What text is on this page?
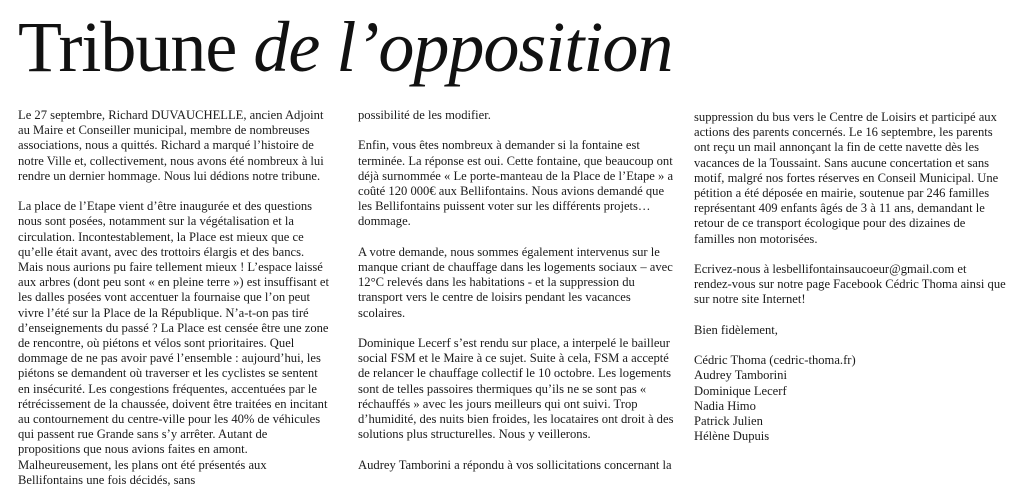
Tribune de l’opposition

Le 27 septembre, Richard DUVAUCHELLE, ancien Adjoint au Maire et Conseiller municipal, membre de nombreuses associations, nous a quittés. Richard a marqué l’histoire de notre Ville et, collectivement, nous avons été nombreux à lui rendre un dernier hommage. Nous lui dédions notre tribune.

La place de l’Etape vient d’être inaugurée et des questions nous sont posées, notamment sur la végétalisation et la circulation. Incontestablement, la Place est mieux que ce qu’elle était avant, avec des trottoirs élargis et des bancs. Mais nous aurions pu faire tellement mieux ! L’espace laissé aux arbres (dont peu sont « en pleine terre ») est insuffisant et les dalles posées vont accentuer la fournaise que l’on peut vivre l’été sur la Place de la République. N’a-t-on pas tiré d’enseignements du passé ? La Place est censée être une zone de rencontre, où piétons et vélos sont prioritaires. Quel dommage de ne pas avoir pavé l’ensemble : aujourd’hui, les piétons se demandent où traverser et les cyclistes se sentent en insécurité. Les congestions fréquentes, accentuées par le rétrécissement de la chaussée, doivent être traitées en incitant au contournement du centre-ville pour les 40% de véhicules qui passent rue Grande sans s’y arrêter. Autant de propositions que nous avions faites en amont. Malheureusement, les plans ont été présentés aux Bellifontains une fois décidés, sans

possibilité de les modifier.

Enfin, vous êtes nombreux à demander si la fontaine est terminée. La réponse est oui. Cette fontaine, que beaucoup ont déjà surnommée « Le porte-manteau de la Place de l’Etape » a coûté 120 000€ aux Bellifontains. Nous avions demandé que les Bellifontains puissent voter sur les différents projets… dommage.

A votre demande, nous sommes également intervenus sur le manque criant de chauffage dans les logements sociaux – avec 12°C relevés dans les habitations - et la suppression du transport vers le centre de loisirs pendant les vacances scolaires.

Dominique Lecerf s’est rendu sur place, a interpelé le bailleur social FSM et le Maire à ce sujet. Suite à cela, FSM a accepté de relancer le chauffage collectif le 10 octobre. Les logements sont de telles passoires thermiques qu’ils ne se sont pas « réchauffés » avec les jours meilleurs qui ont suivi. Trop d’humidité, des nuits bien froides, les locataires ont droit à des solutions plus structurelles. Nous y veillerons.

Audrey Tamborini a répondu à vos sollicitations concernant la

suppression du bus vers le Centre de Loisirs et participé aux actions des parents concernés. Le 16 septembre, les parents ont reçu un mail annonçant la fin de cette navette dès les vacances de la Toussaint. Sans aucune concertation et sans motif, malgré nos fortes réserves en Conseil Municipal. Une pétition a été déposée en mairie, soutenue par 246 familles représentant 409 enfants âgés de 3 à 11 ans, demandant le retour de ce transport écologique pour des dizaines de familles non motorisées.

Ecrivez-nous à lesbellifontainsaucoeur@gmail.com et rendez-vous sur notre page Facebook Cédric Thoma ainsi que sur notre site Internet!

Bien fidèlement,

Cédric Thoma (cedric-thoma.fr)
Audrey Tamborini
Dominique Lecerf
Nadia Himo
Patrick Julien
Hélène Dupuis
